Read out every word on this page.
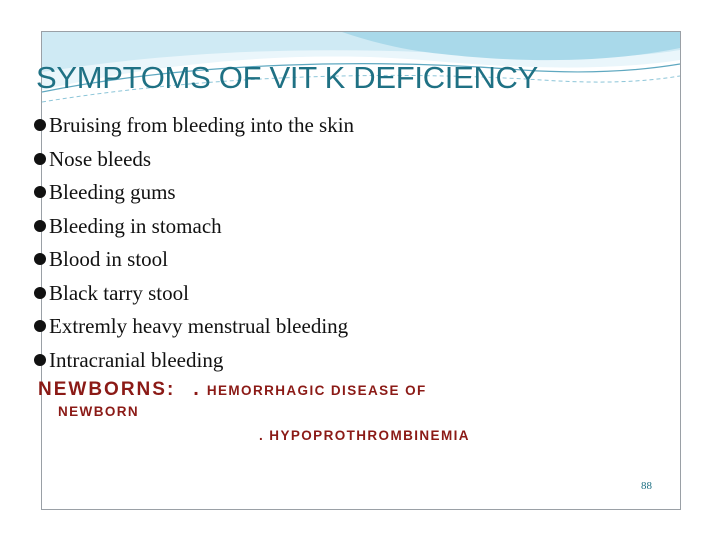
88
SYMPTOMS OF VIT K DEFICIENCY
Bruising from bleeding into the skin
Nose bleeds
Bleeding gums
Bleeding in stomach
Blood in stool
Black tarry stool
Extremly heavy menstrual bleeding
Intracranial bleeding
NEWBORNS: . HEMORRHAGIC DISEASE OF
NEWBORN
. HYPOPROTHROMBINEMIA
